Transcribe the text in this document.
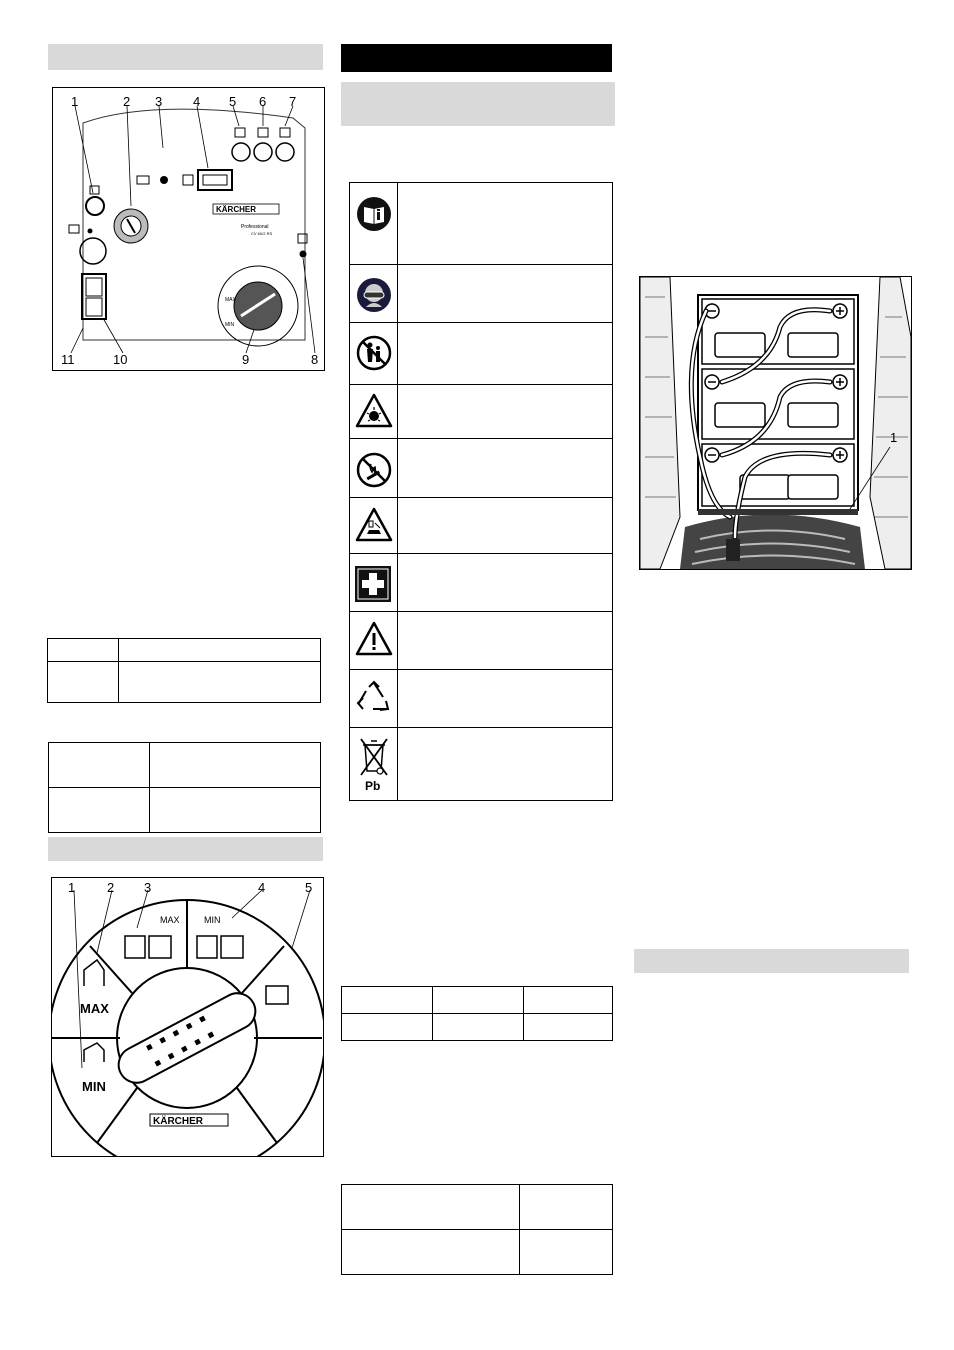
KÄRCHER
Professional
CV 60/2 RS
MAX
MIN
1	2 3 4 5 6 7
8
9
10
11

MAX	MIN
MAX
MIN
KÄRCHER
1 2 3	4	5
Pb

1
